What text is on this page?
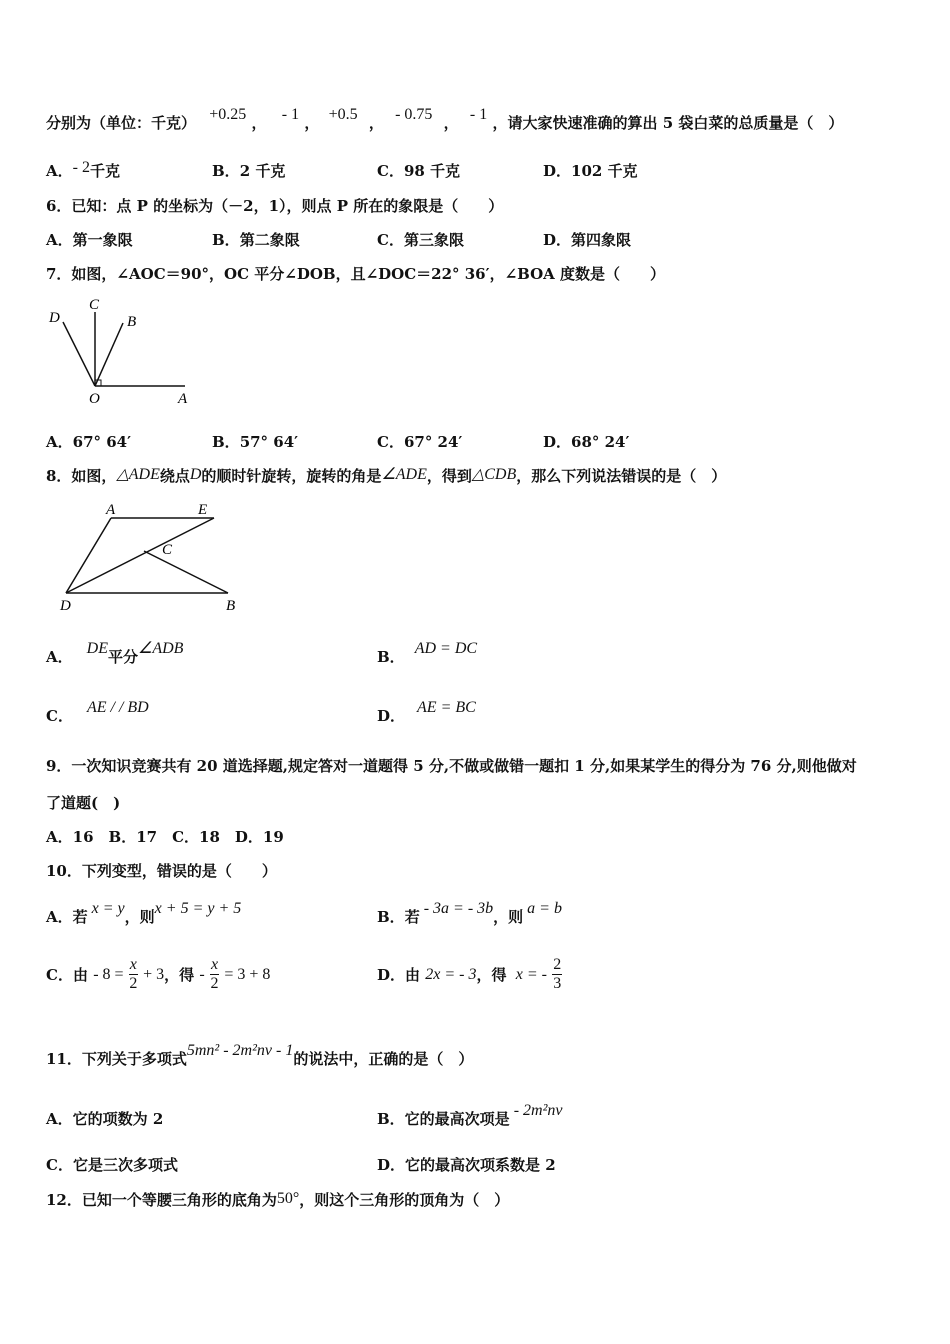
分别为（单位：千克） +0.25 ， - 1 ， +0.5 ， - 0.75 ， - 1 ，请大家快速准确的算出 5 袋白菜的总质量是（　）
A．- 2千克	B．2 千克	C．98 千克	D．102 千克
6．已知：点 P 的坐标为（－2，1），则点 P 所在的象限是（　　）
A．第一象限	B．第二象限	C．第三象限	D．第四象限
7．如图，∠AOC＝90°，OC 平分∠DOB，且∠DOC＝22° 36′，∠BOA 度数是（　　）
D
C
B
O	A
A．67° 64′	B．57° 64′	C．67° 24′	D．68° 24′
8．如图，△ADE绕点D的顺时针旋转，旋转的角是∠ADE，得到△CDB，那么下列说法错误的是（　）
A	E
C
D	B
A． DE平分∠ADB	B． AD = DC
C． AE / / BD	D． AE = BC
9．一次知识竞赛共有 20 道选择题,规定答对一道题得 5 分,不做或做错一题扣 1 分,如果某学生的得分为 76 分,则他做对
了道题(　)
A．16　B．17　C．18　D．19
10．下列变型，错误的是（　　）
A．若 x = y，则x + 5 = y + 5	B．若 - 3a = - 3b，则 a = b
C．由 - 8 =
$\frac{x}{2}$
+ 3 ，得 -
$\frac{x}{2}$
= 3 + 8	D．由 2x = - 3 ，得 x = -
$\frac{2}{3}$
11．下列关于多项式5mn² - 2m²nv - 1的说法中，正确的是（　）
A．它的项数为 2	B．它的最高次项是 - 2m²nv
C．它是三次多项式	D．它的最高次项系数是 2
12．已知一个等腰三角形的底角为50°，则这个三角形的顶角为（　）
